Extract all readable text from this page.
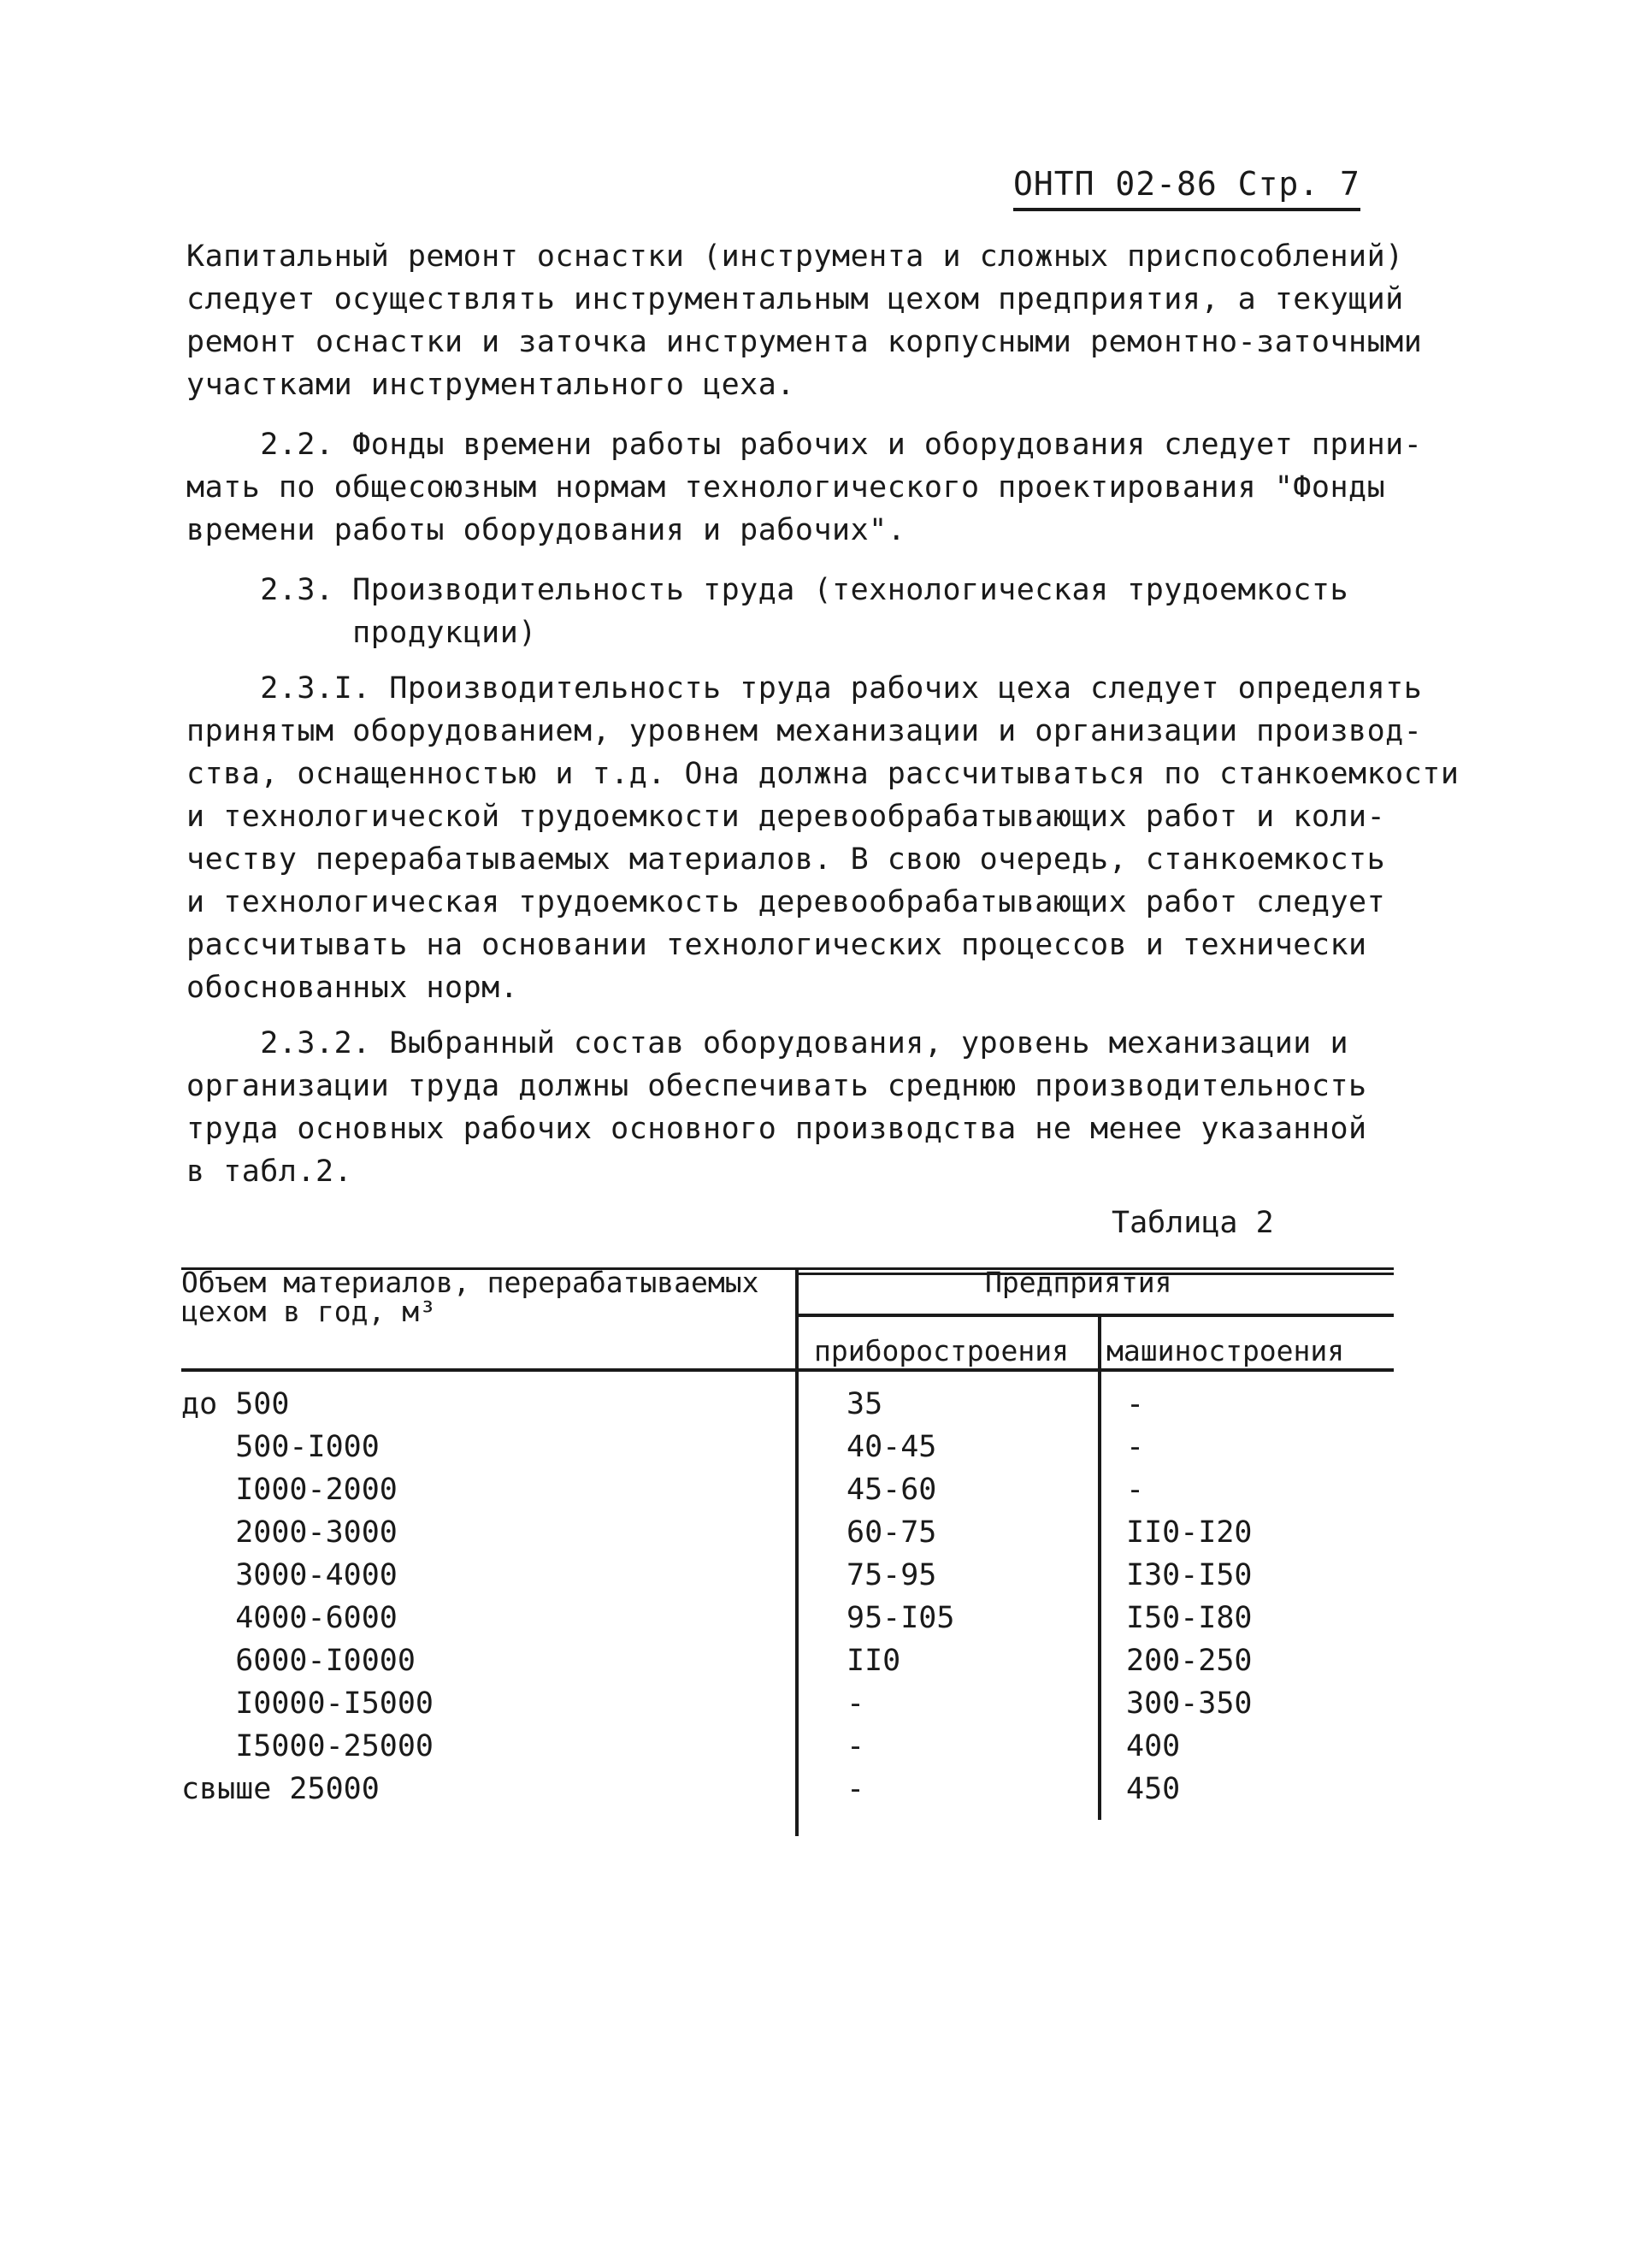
ОНТП 02-86 Стр. 7

Капитальный ремонт оснастки (инструмента и сложных приспособлений)

следует осуществлять инструментальным цехом предприятия, а текущий

ремонт оснастки и заточка инструмента корпусными ремонтно-заточными

участками инструментального цеха.

2.2. Фонды времени работы рабочих и оборудования следует прини-

мать по общесоюзным нормам технологического проектирования "Фонды

времени работы оборудования и рабочих".

2.3. Производительность труда (технологическая трудоемкость

продукции)

2.3.I. Производительность труда рабочих цеха следует определять

принятым оборудованием, уровнем механизации и организации производ-

ства, оснащенностью и т.д. Она должна рассчитываться по станкоемкости

и технологической трудоемкости деревообрабатывающих работ и коли-

честву перерабатываемых материалов. В свою очередь, станкоемкость

и технологическая трудоемкость деревообрабатывающих работ следует

рассчитывать на основании технологических процессов и технически

обоснованных норм.

2.3.2. Выбранный состав оборудования, уровень механизации и

организации труда должны обеспечивать среднюю производительность

труда основных рабочих основного производства не менее указанной

в табл.2.

Таблица 2
Объем материалов, перерабатываемых
цехом в год, м³
Предприятия
приборостроения машиностроения
до 500	35	-
500-I000	40-45	-
I000-2000	45-60	-
2000-3000	60-75	II0-I20
3000-4000	75-95	I30-I50
4000-6000	95-I05	I50-I80
6000-I0000	II0	200-250
I0000-I5000	-	300-350
I5000-25000	-	400
свыше 25000	-	450
